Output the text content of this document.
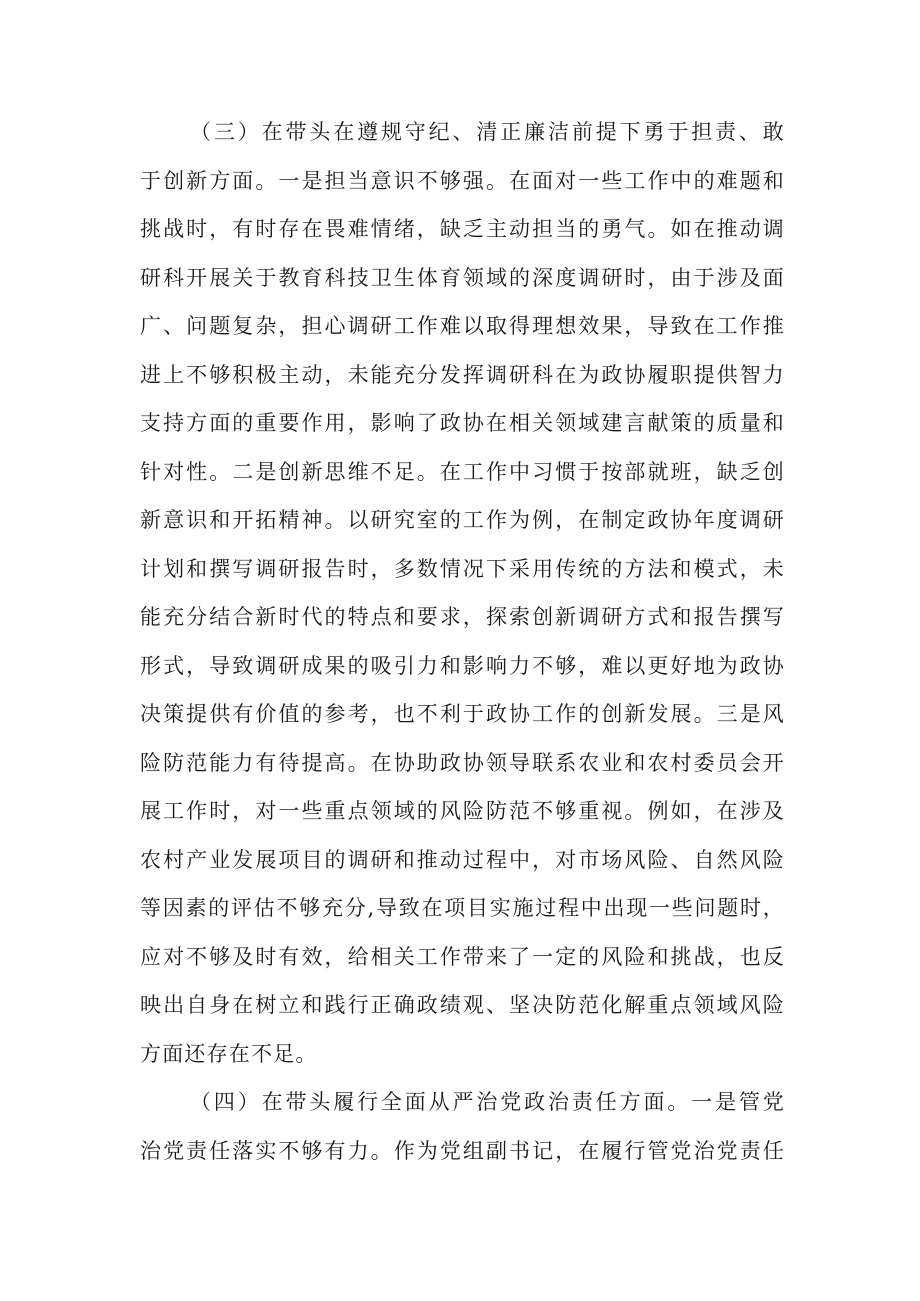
（三）在带头在遵规守纪、清正廉洁前提下勇于担责、敢
于创新方面。一是担当意识不够强。在面对一些工作中的难题和
挑战时，有时存在畏难情绪，缺乏主动担当的勇气。如在推动调
研科开展关于教育科技卫生体育领域的深度调研时，由于涉及面
广、问题复杂，担心调研工作难以取得理想效果，导致在工作推
进上不够积极主动，未能充分发挥调研科在为政协履职提供智力
支持方面的重要作用，影响了政协在相关领域建言献策的质量和
针对性。二是创新思维不足。在工作中习惯于按部就班，缺乏创
新意识和开拓精神。以研究室的工作为例，在制定政协年度调研
计划和撰写调研报告时，多数情况下采用传统的方法和模式，未
能充分结合新时代的特点和要求，探索创新调研方式和报告撰写
形式，导致调研成果的吸引力和影响力不够，难以更好地为政协
决策提供有价值的参考，也不利于政协工作的创新发展。三是风
险防范能力有待提高。在协助政协领导联系农业和农村委员会开
展工作时，对一些重点领域的风险防范不够重视。例如，在涉及
农村产业发展项目的调研和推动过程中，对市场风险、自然风险
等因素的评估不够充分,导致在项目实施过程中出现一些问题时，
应对不够及时有效，给相关工作带来了一定的风险和挑战，也反
映出自身在树立和践行正确政绩观、坚决防范化解重点领域风险
方面还存在不足。
（四）在带头履行全面从严治党政治责任方面。一是管党
治党责任落实不够有力。作为党组副书记，在履行管党治党责任
